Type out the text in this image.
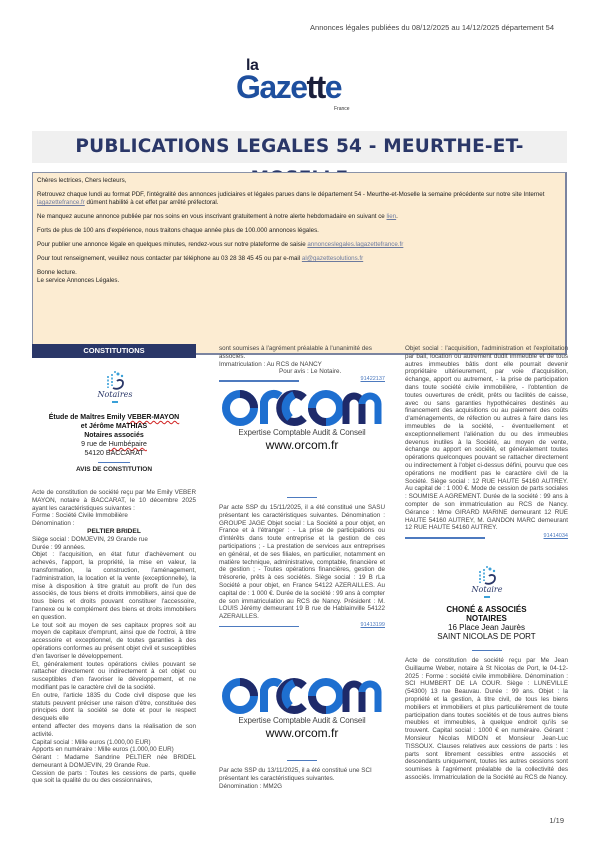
Annonces légales publiées du 08/12/2025 au 14/12/2025 département 54
la
Gazette
France
PUBLICATIONS LEGALES 54 - MEURTHE-ET-

Chères lectrices, Chers lecteurs,

Retrouvez chaque lundi au format PDF, l'intégralité des annonces judiciaires et légales parues dans le département 54 - Meurthe-et-Moselle la semaine précédente sur notre site Internet lagazettefrance.fr dûment habilité à cet effet par arrêté préfectoral.

Ne manquez aucune annonce publiée par nos soins en vous inscrivant gratuitement à notre alerte hebdomadaire en suivant ce lien.

Forts de plus de 100 ans d'expérience, nous traitons chaque année plus de 100.000 annonces légales.

Pour publier une annonce légale en quelques minutes, rendez-vous sur notre plateforme de saisie annonceslegales.lagazettefrance.fr

Pour tout renseignement, veuillez nous contacter par téléphone au 03 28 38 45 45 ou par e-mail al@gazettesolutions.fr

Bonne lecture.
Le service Annonces Légales.
CONSTITUTIONS
Notaires
Étude de Maîtres Emily VEBER-MAYON
et Jérôme MATHIAS
Notaires associés
9 rue de Humbépaire
54120 BACCARAT
AVIS DE CONSTITUTION
Acte de constitution de société reçu par Me Emily VEBER MAYON, notaire à BACCARAT, le 10 décembre 2025 ayant les caractéristiques suivantes :
Forme : Société Civile Immobilière
Dénomination :
PELTIER BRIDEL
Siège social : DOMJEVIN, 29 Grande rue
Durée : 99 années.
Objet : l'acquisition, en état futur d'achèvement ou achevés, l'apport, la propriété, la mise en valeur, la transformation, la construction, l'aménagement, l'administration, la location et la vente (exceptionnelle), la mise à disposition à titre gratuit au profit de l'un des associés, de tous biens et droits immobiliers, ainsi que de tous biens et droits pouvant constituer l'accessoire, l'annexe ou le complément des biens et droits immobiliers en question.
Le tout soit au moyen de ses capitaux propres soit au moyen de capitaux d'emprunt, ainsi que de l'octroi, à titre accessoire et exceptionnel, de toutes garanties à des opérations conformes au présent objet civil et susceptibles d'en favoriser le développement.
Et, généralement toutes opérations civiles pouvant se rattacher directement ou indirectement à cet objet ou susceptibles d'en favoriser le développement, et ne modifiant pas le caractère civil de la société.
En outre, l'article 1835 du Code civil dispose que les statuts peuvent préciser une raison d'être, constituée des principes dont la société se dote et pour le respect desquels elle
entend affecter des moyens dans la réalisation de son activité.
Capital social : Mille euros (1.000,00 EUR)
Apports en numéraire : Mille euros (1.000,00 EUR)
Gérant : Madame Sandrine PELTIER née BRIDEL demeurant à DOMJEVIN, 29 Grande Rue.
Cession de parts : Toutes les cessions de parts, quelle que soit la qualité du ou des cessionnaires,
sont soumises à l'agrément préalable à l'unanimité des associés.
Immatriculation : Au RCS de NANCY
Pour avis : Le Notaire.
91422137
Expertise Comptable Audit & Conseil
www.orcom.fr
Par acte SSP du 15/11/2025, il a été constitué une SASU présentant les caractéristiques suivantes. Dénomination : GROUPE JAGE Objet social : La Société a pour objet, en France et à l'étranger : - La prise de participations ou d'intérêts dans toute entreprise et la gestion de ces participations ; - La prestation de services aux entreprises en général, et de ses filiales, en particulier, notamment en matière technique, administrative, comptable, financière et de gestion ; - Toutes opérations financières, gestion de trésorerie, prêts à ces sociétés. Siège social : 19 B rLa Société a pour objet, en France 54122 AZERAILLES. Au capital de : 1 000 €. Durée de la société : 99 ans à compter de son immatriculation au RCS de Nancy. Président : M. LOUIS Jérémy demeurant 19 B rue de Hablainville 54122 AZERAILLES.
91413199
Expertise Comptable Audit & Conseil
www.orcom.fr
Par acte SSP du 13/11/2025, il a été constitué une SCI présentant les caractéristiques suivantes.
Dénomination : MM2G
Objet social : l'acquisition, l'administration et l'exploitation par bail, location ou autrement dudit immeuble et de tous autres immeubles bâtis dont elle pourrait devenir propriétaire ultérieurement, par voie d'acquisition, échange, apport ou autrement, - la prise de participation dans toute société civile immobilière, - l'obtention de toutes ouvertures de crédit, prêts ou facilités de caisse, avec ou sans garanties hypothécaires destinés au financement des acquisitions ou au paiement des coûts d'aménagements, de réfection ou autres à faire dans les immeubles de la société, - éventuellement et exceptionnellement l'aliénation du ou des immeubles devenus inutiles à la Société, au moyen de vente, échange ou apport en société, et généralement toutes opérations quelconques pouvant se rattacher directement ou indirectement à l'objet ci-dessus défini, pourvu que ces opérations ne modifient pas le caractère civil de la Société. Siège social : 12 RUE HAUTE 54160 AUTREY. Au capital de : 1 000 €. Mode de cession de parts sociales : SOUMISE A AGREMENT. Durée de la société : 99 ans à compter de son immatriculation au RCS de Nancy. Gérance : Mme GIRARD MARINE demeurant 12 RUE HAUTE 54160 AUTREY, M. GANDON MARC demeurant 12 RUE HAUTE 54160 AUTREY.
91414034
Notaire
CHONÉ & ASSOCIÉS
NOTAIRES
16 Place Jean Jaurès
SAINT NICOLAS DE PORT
Acte de constitution de société reçu par Me Jean Guillaume Weber, notaire à St Nicolas de Port, le 04-12-2025 : Forme : société civile immobilière. Dénomination : SCI HUMBERT DE LA COUR. Siège : LUNEVILLE (54300) 13 rue Beauvau. Durée : 99 ans. Objet : la propriété et la gestion, à titre civil, de tous les biens mobiliers et immobiliers et plus particulièrement de toute participation dans toutes sociétés et de tous autres biens meubles et immeubles, à quelque endroit qu'ils se trouvent. Capital social : 1000 € en numéraire. Gérant : Monsieur Nicolas MIDON et Monsieur Jean-Luc TISSOUX. Clauses relatives aux cessions de parts : les parts sont librement cessibles entre associés et descendants uniquement, toutes les autres cessions sont soumises à l'agrément préalable de la collectivité des associés. Immatriculation de la Société au RCS de Nancy.
1/19
